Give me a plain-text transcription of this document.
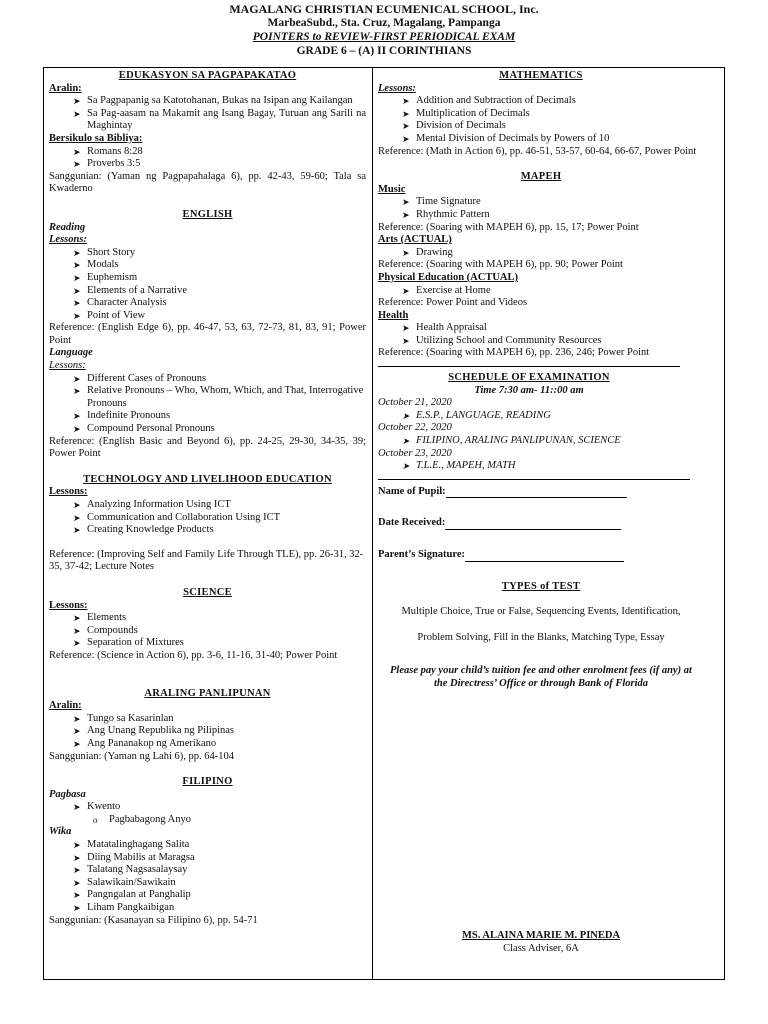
MAGALANG CHRISTIAN ECUMENICAL SCHOOL, Inc.
MarbeaSubd., Sta. Cruz, Magalang, Pampanga
POINTERS to REVIEW-FIRST PERIODICAL EXAM
GRADE 6 – (A) II CORINTHIANS
EDUKASYON SA PAGPAPAKATAO
Aralin:
➤ Sa Pagpapanig sa Katotohanan, Bukas na Isipan ang Kailangan
➤ Sa Pag-aasam na Makamit ang Isang Bagay, Turuan ang Sarili na Maghintay
Bersikulo sa Bibliya:
➤ Romans 8:28
➤ Proverbs 3:5
Sanggunian: (Yaman ng Pagpapahalaga 6), pp. 42-43, 59-60; Tala sa Kwaderno
ENGLISH
Reading
Lessons:
➤ Short Story
➤ Modals
➤ Euphemism
➤ Elements of a Narrative
➤ Character Analysis
➤ Point of View
Reference: (English Edge 6), pp. 46-47, 53, 63, 72-73, 81, 83, 91; Power Point
Language
Lessons:
➤ Different Cases of Pronouns
➤ Relative Pronouns – Who, Whom, Which, and That, Interrogative Pronouns
➤ Indefinite Pronouns
➤ Compound Personal Pronouns
Reference: (English Basic and Beyond 6), pp. 24-25, 29-30, 34-35, 39; Power Point
TECHNOLOGY AND LIVELIHOOD EDUCATION
Lessons:
➤ Analyzing Information Using ICT
➤ Communication and Collaboration Using ICT
➤ Creating Knowledge Products
Reference: (Improving Self and Family Life Through TLE), pp. 26-31, 32-35, 37-42; Lecture Notes
SCIENCE
Lessons:
➤ Elements
➤ Compounds
➤ Separation of Mixtures
Reference: (Science in Action 6), pp. 3-6, 11-16, 31-40; Power Point
ARALING PANLIPUNAN
Aralin:
➤ Tungo sa Kasarinlan
➤ Ang Unang Republika ng Pilipinas
➤ Ang Pananakop ng Amerikano
Sanggunian: (Yaman ng Lahi 6), pp. 64-104
FILIPINO
Pagbasa
➤ Kwento
o Pagbabagong Anyo
Wika
➤ Matatalinghagang Salita
➤ Diing Mabilis at Maragsa
➤ Talatang Nagsasalaysay
➤ Salawikain/Sawikain
➤ Pangngalan at Panghalip
➤ Liham Pangkaibigan
Sanggunian: (Kasanayan sa Filipino 6), pp. 54-71
MATHEMATICS
Lessons:
➤ Addition and Subtraction of Decimals
➤ Multiplication of Decimals
➤ Division of Decimals
➤ Mental Division of Decimals by Powers of 10
Reference: (Math in Action 6), pp. 46-51, 53-57, 60-64, 66-67, Power Point
MAPEH
Music
➤ Time Signature
➤ Rhythmic Pattern
Reference: (Soaring with MAPEH 6), pp. 15, 17; Power Point
Arts (ACTUAL)
➤ Drawing
Reference: (Soaring with MAPEH 6), pp. 90; Power Point
Physical Education (ACTUAL)
➤ Exercise at Home
Reference: Power Point and Videos
Health
➤ Health Appraisal
➤ Utilizing School and Community Resources
Reference: (Soaring with MAPEH 6), pp. 236, 246; Power Point
SCHEDULE OF EXAMINATION
Time 7:30 am- 11::00 am
October 21, 2020
➤ E.S.P., LANGUAGE, READING
October 22, 2020
➤ FILIPINO, ARALING PANLIPUNAN, SCIENCE
October 23, 2020
➤ T.L.E., MAPEH, MATH
Name of Pupil:
Date Received:
Parent’s Signature:
TYPES of TEST
Multiple Choice, True or False, Sequencing Events, Identification,
Problem Solving, Fill in the Blanks, Matching Type, Essay
Please pay your child’s tuition fee and other enrolment fees (if any) at the Directress’ Office or through Bank of Florida
MS. ALAINA MARIE M. PINEDA
Class Adviser, 6A
